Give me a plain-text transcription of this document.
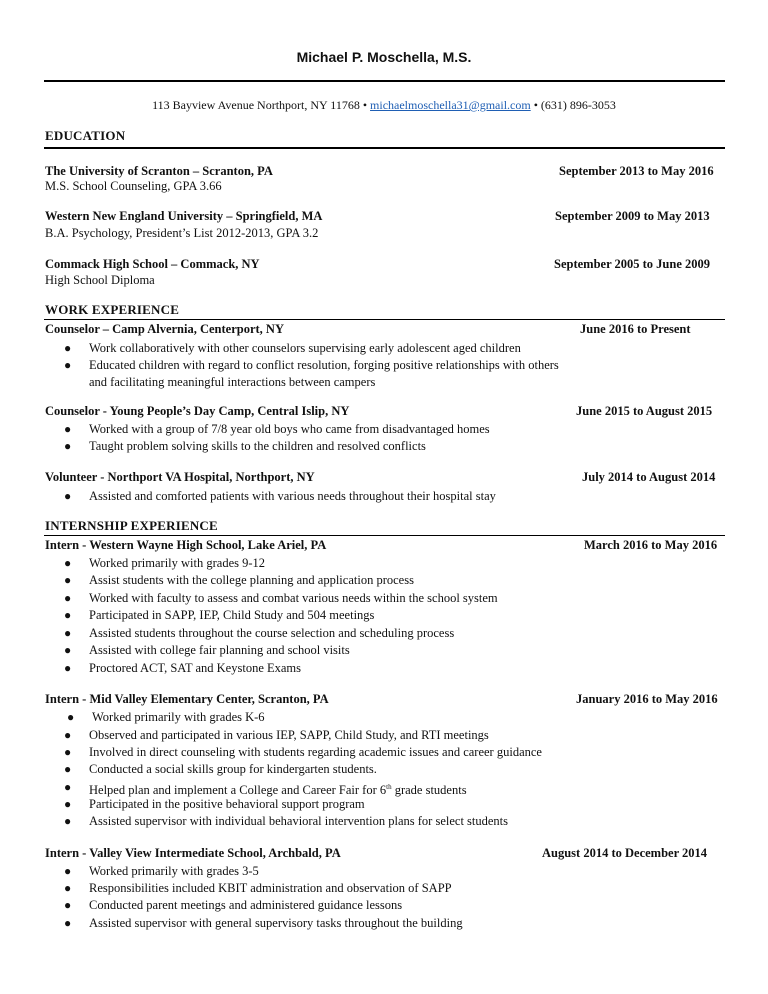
Michael P. Moschella, M.S.
113 Bayview Avenue Northport, NY 11768 • michaelmoschella31@gmail.com • (631) 896-3053
EDUCATION
The University of Scranton – Scranton, PA	September 2013 to May 2016
M.S. School Counseling, GPA 3.66
Western New England University – Springfield, MA	September 2009 to May 2013
B.A. Psychology, President’s List 2012-2013, GPA 3.2
Commack High School – Commack, NY	September 2005 to June 2009
High School Diploma
WORK EXPERIENCE
Counselor – Camp Alvernia, Centerport, NY	June 2016 to Present
● Work collaboratively with other counselors supervising early adolescent aged children
● Educated children with regard to conflict resolution, forging positive relationships with others
and facilitating meaningful interactions between campers
Counselor - Young People’s Day Camp, Central Islip, NY	June 2015 to August 2015
● Worked with a group of 7/8 year old boys who came from disadvantaged homes
● Taught problem solving skills to the children and resolved conflicts
Volunteer - Northport VA Hospital, Northport, NY	July 2014 to August 2014
● Assisted and comforted patients with various needs throughout their hospital stay
INTERNSHIP EXPERIENCE
Intern - Western Wayne High School, Lake Ariel, PA	March 2016 to May 2016
● Worked primarily with grades 9-12
● Assist students with the college planning and application process
● Worked with faculty to assess and combat various needs within the school system
● Participated in SAPP, IEP, Child Study and 504 meetings
● Assisted students throughout the course selection and scheduling process
● Assisted with college fair planning and school visits
● Proctored ACT, SAT and Keystone Exams
Intern - Mid Valley Elementary Center, Scranton, PA	January 2016 to May 2016
● Worked primarily with grades K-6
● Observed and participated in various IEP, SAPP, Child Study, and RTI meetings
● Involved in direct counseling with students regarding academic issues and career guidance
● Conducted a social skills group for kindergarten students.
● Helped plan and implement a College and Career Fair for 6th grade students
● Participated in the positive behavioral support program
● Assisted supervisor with individual behavioral intervention plans for select students
Intern - Valley View Intermediate School, Archbald, PA	August 2014 to December 2014
● Worked primarily with grades 3-5
● Responsibilities included KBIT administration and observation of SAPP
● Conducted parent meetings and administered guidance lessons
● Assisted supervisor with general supervisory tasks throughout the building
